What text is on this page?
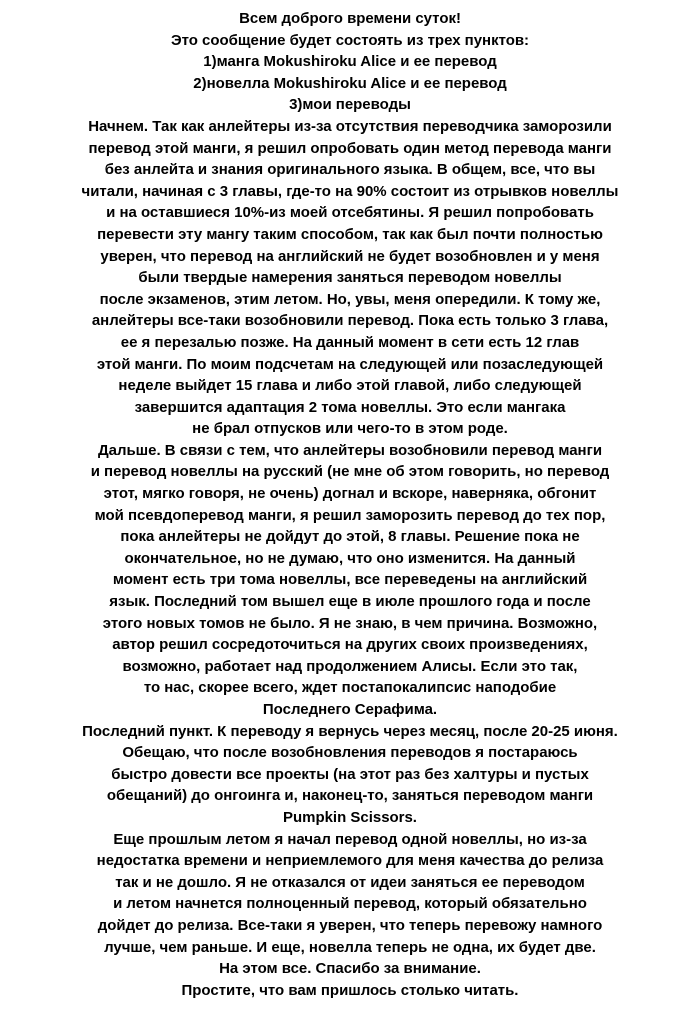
Всем доброго времени суток!
Это сообщение будет состоять из трех пунктов:
1)манга Mokushiroku Alice и ее перевод
2)новелла Mokushiroku Alice и ее перевод
3)мои переводы
Начнем. Так как анлейтеры из-за отсутствия переводчика заморозили
перевод этой манги, я решил опробовать один метод перевода манги
без анлейта и знания оригинального языка. В общем, все, что вы
читали, начиная с 3 главы, где-то на 90% состоит из отрывков новеллы
и на оставшиеся 10%-из моей отсебятины. Я решил попробовать
перевести эту мангу таким способом, так как был почти полностью
уверен, что перевод на английский не будет возобновлен и у меня
были твердые намерения заняться переводом новеллы
после экзаменов, этим летом. Но, увы, меня опередили. К тому же,
анлейтеры все-таки возобновили перевод. Пока есть только 3 глава,
ее я перезалью позже. На данный момент в сети есть 12 глав
этой манги. По моим подсчетам на следующей или позаследующей
неделе выйдет 15 глава и либо этой главой, либо следующей
завершится адаптация 2 тома новеллы. Это если мангака
не брал отпусков или чего-то в этом роде.
Дальше. В связи с тем, что анлейтеры возобновили перевод манги
и перевод новеллы на русский (не мне об этом говорить, но перевод
этот, мягко говоря, не очень) догнал и вскоре, наверняка, обгонит
мой псевдоперевод манги, я решил заморозить перевод до тех пор,
пока анлейтеры не дойдут до этой, 8 главы. Решение пока не
окончательное, но не думаю, что оно изменится. На данный
момент есть три тома новеллы, все переведены на английский
язык. Последний том вышел еще в июле прошлого года и после
этого новых томов не было. Я не знаю, в чем причина. Возможно,
автор решил сосредоточиться на других своих произведениях,
возможно, работает над продолжением Алисы. Если это так,
то нас, скорее всего, ждет постапокалипсис наподобие
Последнего Серафима.
Последний пункт. К переводу я вернусь через месяц, после 20-25 июня.
Обещаю, что после возобновления переводов я постараюсь
быстро довести все проекты (на этот раз без халтуры и пустых
обещаний) до онгоинга и, наконец-то, заняться переводом манги
Pumpkin Scissors.
Еще прошлым летом я начал перевод одной новеллы, но из-за
недостатка времени и неприемлемого для меня качества до релиза
так и не дошло. Я не отказался от идеи заняться ее переводом
и летом начнется полноценный перевод, который обязательно
дойдет до релиза. Все-таки я уверен, что теперь перевожу намного
лучше, чем раньше. И еще, новелла теперь не одна, их будет две.
На этом все. Спасибо за внимание.
Простите, что вам пришлось столько читать.
